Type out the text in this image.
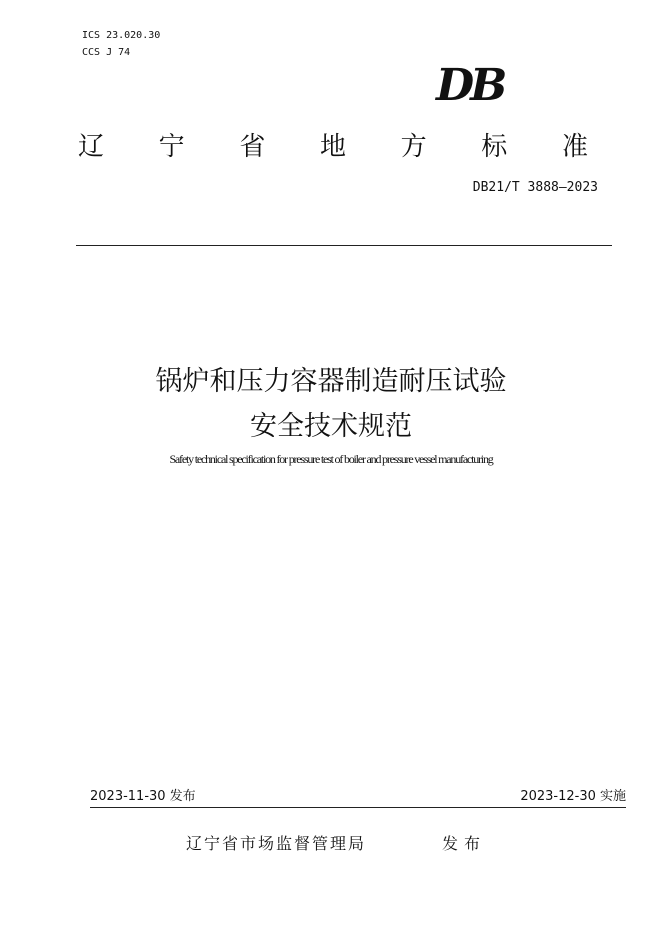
ICS 23.020.30
CCS J 74
DB
辽 宁 省 地 方 标 准
DB21/T 3888—2023
锅炉和压力容器制造耐压试验
安全技术规范
Safety technical specification for pressure test of boiler and pressure vessel manufacturing
2023-11-30 发布	2023-12-30 实施
辽宁省市场监督管理局	发布
